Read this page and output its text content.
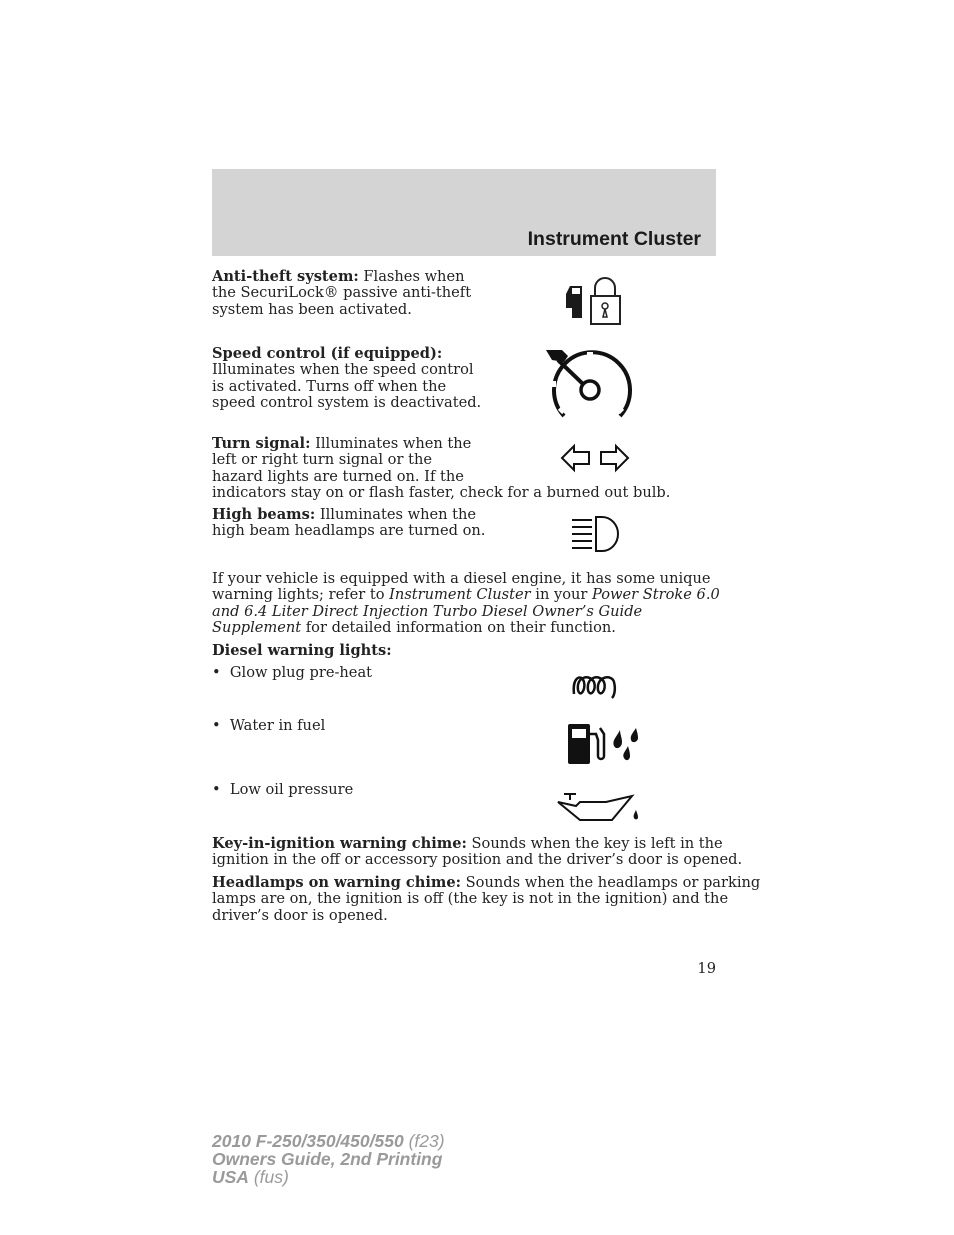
Instrument Cluster
Anti-theft system: Flashes when
the SecuriLock® passive anti-theft
system has been activated.
Speed control (if equipped):
Illuminates when the speed control
is activated. Turns off when the
speed control system is deactivated.
Turn signal: Illuminates when the
left or right turn signal or the
hazard lights are turned on. If the
indicators stay on or flash faster, check for a burned out bulb.
High beams: Illuminates when the
high beam headlamps are turned on.
If your vehicle is equipped with a diesel engine, it has some unique
warning lights; refer to Instrument Cluster in your Power Stroke 6.0
and 6.4 Liter Direct Injection Turbo Diesel Owner’s Guide
Supplement for detailed information on their function.
Diesel warning lights:
• Glow plug pre-heat
• Water in fuel
• Low oil pressure
Key-in-ignition warning chime: Sounds when the key is left in the
ignition in the off or accessory position and the driver’s door is opened.
Headlamps on warning chime: Sounds when the headlamps or parking
lamps are on, the ignition is off (the key is not in the ignition) and the
driver’s door is opened.
19
2010 F-250/350/450/550 (f23)
Owners Guide, 2nd Printing
USA (fus)
